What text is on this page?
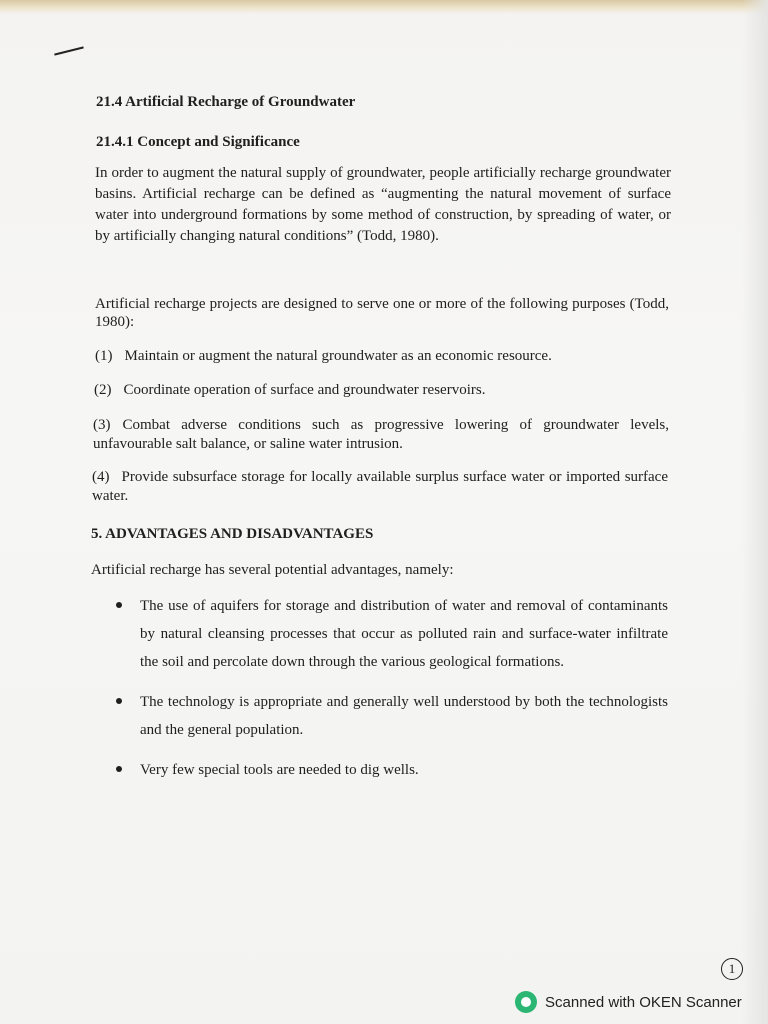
21.4 Artificial Recharge of Groundwater
21.4.1 Concept and Significance

In order to augment the natural supply of groundwater, people artificially recharge groundwater basins. Artificial recharge can be defined as “augmenting the natural movement of surface water into underground formations by some method of construction, by spreading of water, or by artificially changing natural conditions” (Todd, 1980).

Artificial recharge projects are designed to serve one or more of the following purposes (Todd, 1980):

(1) Maintain or augment the natural groundwater as an economic resource.
(2) Coordinate operation of surface and groundwater reservoirs.
(3) Combat adverse conditions such as progressive lowering of groundwater levels, unfavourable salt balance, or saline water intrusion.
(4) Provide subsurface storage for locally available surplus surface water or imported surface water.
5. ADVANTAGES AND DISADVANTAGES

Artificial recharge has several potential advantages, namely:

The use of aquifers for storage and distribution of water and removal of contaminants by natural cleansing processes that occur as polluted rain and surface-water infiltrate the soil and percolate down through the various geological formations.
The technology is appropriate and generally well understood by both the technologists and the general population.
Very few special tools are needed to dig wells.
1
Scanned with OKEN Scanner
